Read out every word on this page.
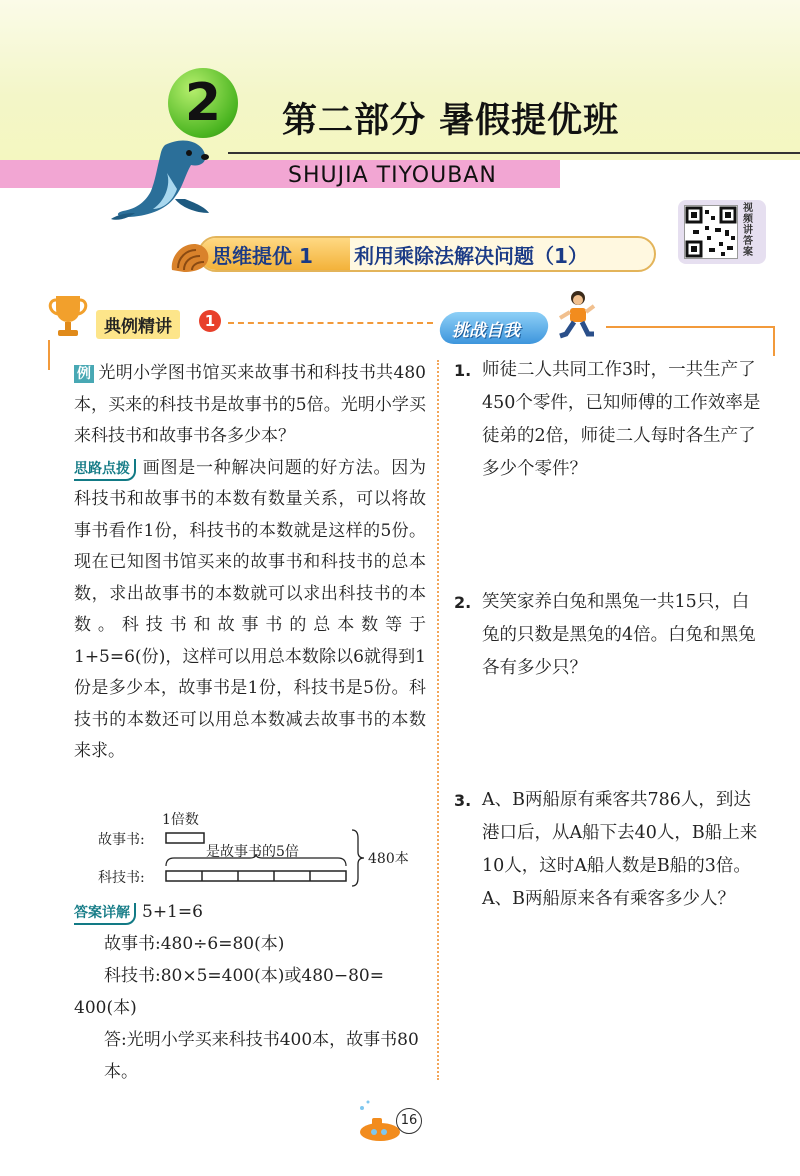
2 第二部分 暑假提优班
SHUJIA TIYOUBAN
视频讲答案
思维提优 1 利用乘除法解决问题（1）
典例精讲	1	挑战自我

例 光明小学图书馆买来故事书和科技书共480本，买来的科技书是故事书的5倍。光明小学买来科技书和故事书各多少本？

思路点拨 画图是一种解决问题的好方法。因为科技书和故事书的本数有数量关系，可以将故事书看作1份，科技书的本数就是这样的5份。现在已知图书馆买来的故事书和科技书的总本数，求出故事书的本数就可以求出科技书的本数。科技书和故事书的总本数等于1+5=6(份)，这样可以用总本数除以6就得到1份是多少本，故事书是1份，科技书是5份。科技书的本数还可以用总本数减去故事书的本数来求。

1倍数
故事书:
科技书:
是故事书的5倍	480本

答案详解 5+1=6

故事书:480÷6=80(本)

科技书:80×5=400(本)或480−80=

400(本)

答:光明小学买来科技书400本，故事书80本。

1. 师徒二人共同工作3时，一共生产了450个零件，已知师傅的工作效率是徒弟的2倍，师徒二人每时各生产了多少个零件？
2. 笑笑家养白兔和黑兔一共15只，白兔的只数是黑兔的4倍。白兔和黑兔各有多少只？
3. A、B两船原有乘客共786人，到达港口后，从A船下去40人，B船上来10人，这时A船人数是B船的3倍。A、B两船原来各有乘客多少人？
16
